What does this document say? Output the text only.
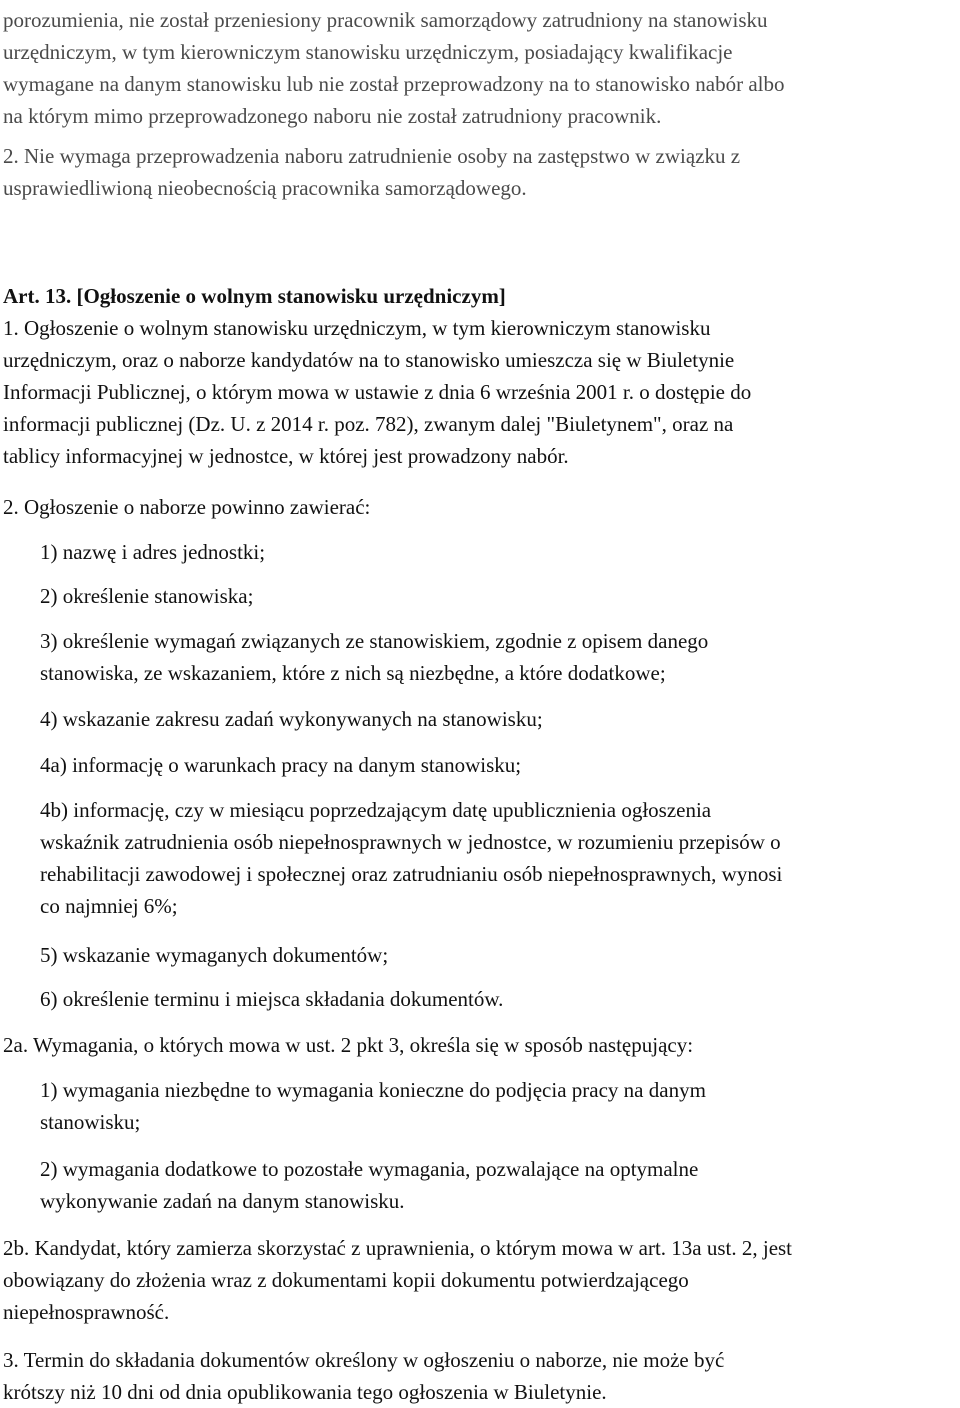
porozumienia, nie został przeniesiony pracownik samorządowy zatrudniony na stanowisku
urzędniczym, w tym kierowniczym stanowisku urzędniczym, posiadający kwalifikacje
wymagane na danym stanowisku lub nie został przeprowadzony na to stanowisko nabór albo
na którym mimo przeprowadzonego naboru nie został zatrudniony pracownik.

2. Nie wymaga przeprowadzenia naboru zatrudnienie osoby na zastępstwo w związku z
usprawiedliwioną nieobecnością pracownika samorządowego.

Art. 13. [Ogłoszenie o wolnym stanowisku urzędniczym]

1. Ogłoszenie o wolnym stanowisku urzędniczym, w tym kierowniczym stanowisku
urzędniczym, oraz o naborze kandydatów na to stanowisko umieszcza się w Biuletynie
Informacji Publicznej, o którym mowa w ustawie z dnia 6 września 2001 r. o dostępie do
informacji publicznej (Dz. U. z 2014 r. poz. 782), zwanym dalej "Biuletynem", oraz na
tablicy informacyjnej w jednostce, w której jest prowadzony nabór.

2. Ogłoszenie o naborze powinno zawierać:

1) nazwę i adres jednostki;

2) określenie stanowiska;

3) określenie wymagań związanych ze stanowiskiem, zgodnie z opisem danego
stanowiska, ze wskazaniem, które z nich są niezbędne, a które dodatkowe;

4) wskazanie zakresu zadań wykonywanych na stanowisku;

4a) informację o warunkach pracy na danym stanowisku;

4b) informację, czy w miesiącu poprzedzającym datę upublicznienia ogłoszenia
wskaźnik zatrudnienia osób niepełnosprawnych w jednostce, w rozumieniu przepisów o
rehabilitacji zawodowej i społecznej oraz zatrudnianiu osób niepełnosprawnych, wynosi
co najmniej 6%;

5) wskazanie wymaganych dokumentów;

6) określenie terminu i miejsca składania dokumentów.

2a. Wymagania, o których mowa w ust. 2 pkt 3, określa się w sposób następujący:

1) wymagania niezbędne to wymagania konieczne do podjęcia pracy na danym
stanowisku;

2) wymagania dodatkowe to pozostałe wymagania, pozwalające na optymalne
wykonywanie zadań na danym stanowisku.

2b. Kandydat, który zamierza skorzystać z uprawnienia, o którym mowa w art. 13a ust. 2, jest
obowiązany do złożenia wraz z dokumentami kopii dokumentu potwierdzającego
niepełnosprawność.

3. Termin do składania dokumentów określony w ogłoszeniu o naborze, nie może być
krótszy niż 10 dni od dnia opublikowania tego ogłoszenia w Biuletynie.
